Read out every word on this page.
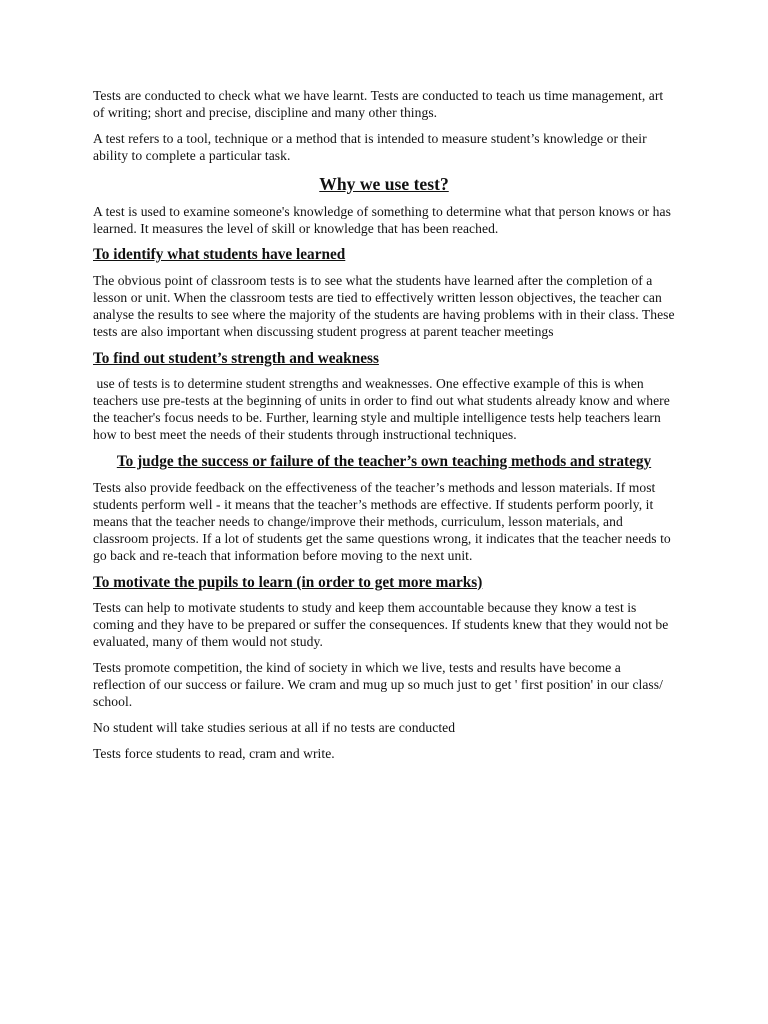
Tests are conducted to check what we have learnt. Tests are conducted to teach us time management, art of writing; short and precise, discipline and many other things.

A test refers to a tool, technique or a method that is intended to measure student’s knowledge or their ability to complete a particular task.

Why we use test?

A test is used to examine someone's knowledge of something to determine what that person knows or has learned. It measures the level of skill or knowledge that has been reached.

To identify what students have learned

The obvious point of classroom tests is to see what the students have learned after the completion of a lesson or unit. When the classroom tests are tied to effectively written lesson objectives, the teacher can analyse the results to see where the majority of the students are having problems with in their class. These tests are also important when discussing student progress at parent teacher meetings

To find out student’s strength and weakness

use of tests is to determine student strengths and weaknesses. One effective example of this is when teachers use pre-tests at the beginning of units in order to find out what students already know and where the teacher's focus needs to be. Further, learning style and multiple intelligence tests help teachers learn how to best meet the needs of their students through instructional techniques.

To judge the success or failure of the teacher’s own teaching methods and strategy

Tests also provide feedback on the effectiveness of the teacher’s methods and lesson materials. If most students perform well - it means that the teacher’s methods are effective. If students perform poorly, it means that the teacher needs to change/improve their methods, curriculum, lesson materials, and classroom projects. If a lot of students get the same questions wrong, it indicates that the teacher needs to go back and re-teach that information before moving to the next unit.

To motivate the pupils to learn (in order to get more marks)

Tests can help to motivate students to study and keep them accountable because they know a test is coming and they have to be prepared or suffer the consequences. If students knew that they would not be evaluated, many of them would not study.

Tests promote competition, the kind of society in which we live, tests and results have become a reflection of our success or failure. We cram and mug up so much just to get ' first position' in our class/ school.

No student will take studies serious at all if no tests are conducted

Tests force students to read, cram and write.
